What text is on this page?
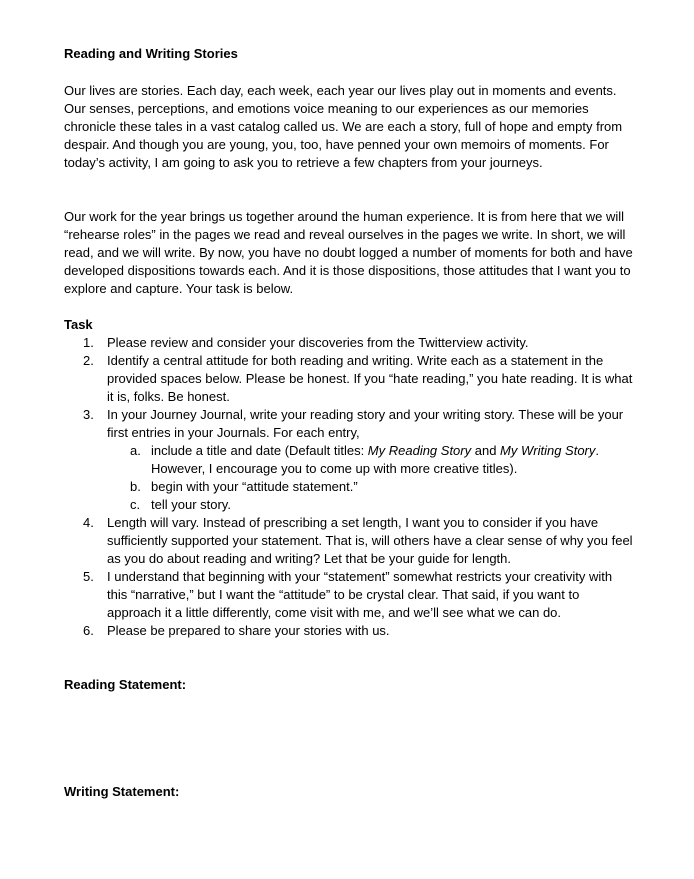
Reading and Writing Stories

Our lives are stories. Each day, each week, each year our lives play out in moments and events. Our senses, perceptions, and emotions voice meaning to our experiences as our memories chronicle these tales in a vast catalog called us. We are each a story, full of hope and empty from despair. And though you are young, you, too, have penned your own memoirs of moments. For today’s activity, I am going to ask you to retrieve a few chapters from your journeys.

Our work for the year brings us together around the human experience. It is from here that we will “rehearse roles” in the pages we read and reveal ourselves in the pages we write. In short, we will read, and we will write. By now, you have no doubt logged a number of moments for both and have developed dispositions towards each. And it is those dispositions, those attitudes that I want you to explore and capture. Your task is below.

Task

1. Please review and consider your discoveries from the Twitterview activity.
2. Identify a central attitude for both reading and writing. Write each as a statement in the provided spaces below. Please be honest. If you “hate reading,” you hate reading. It is what it is, folks. Be honest.
3. In your Journey Journal, write your reading story and your writing story. These will be your first entries in your Journals. For each entry,
a. include a title and date (Default titles: My Reading Story and My Writing Story. However, I encourage you to come up with more creative titles).
b. begin with your “attitude statement.”
c. tell your story.
4. Length will vary. Instead of prescribing a set length, I want you to consider if you have sufficiently supported your statement. That is, will others have a clear sense of why you feel as you do about reading and writing? Let that be your guide for length.
5. I understand that beginning with your “statement” somewhat restricts your creativity with this “narrative,” but I want the “attitude” to be crystal clear. That said, if you want to approach it a little differently, come visit with me, and we’ll see what we can do.
6. Please be prepared to share your stories with us.

Reading Statement:

Writing Statement:
